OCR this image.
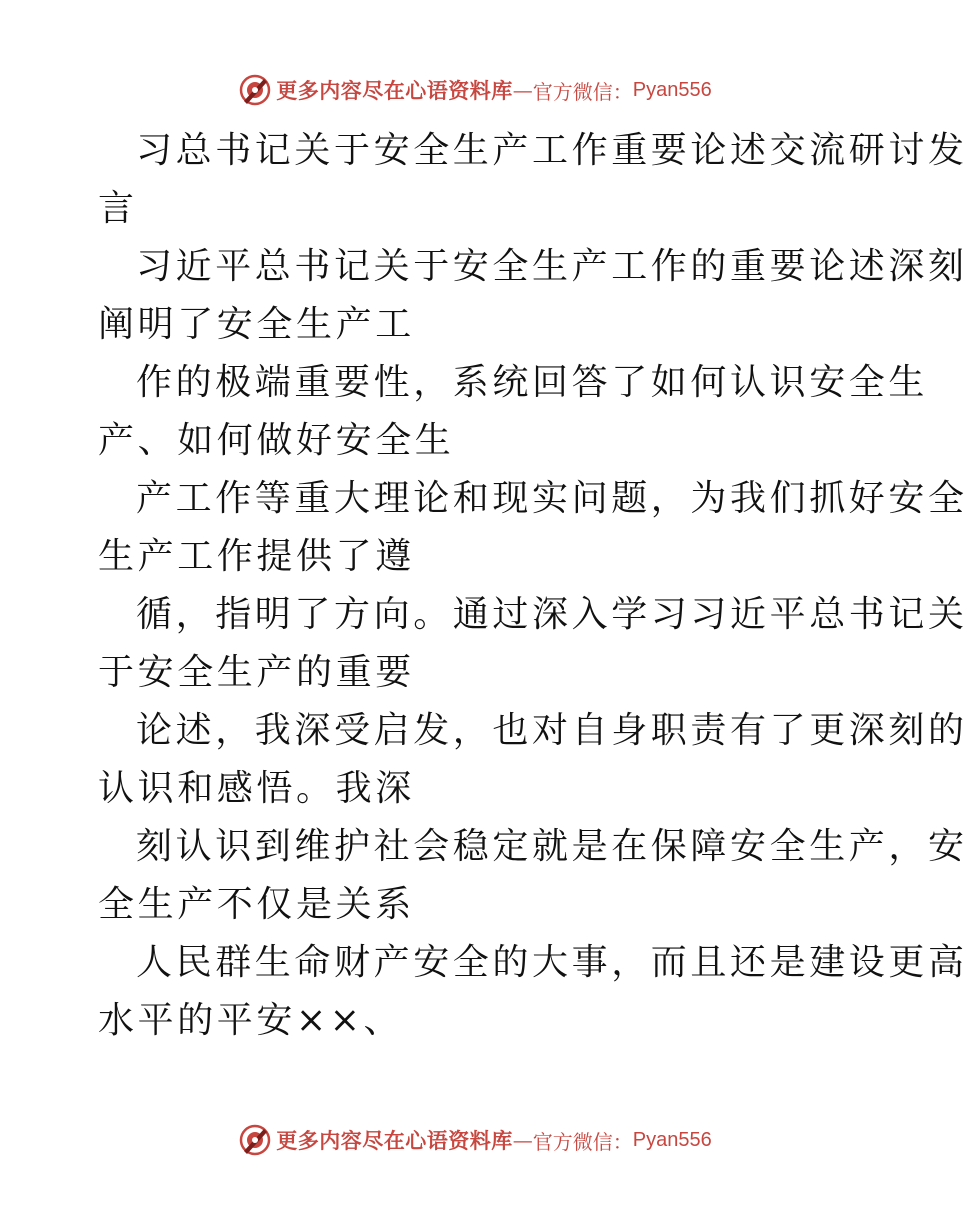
更多内容尽在心语资料库 — 官方微信： Pyan556
习总书记关于安全生产工作重要论述交流研讨发
言
习近平总书记关于安全生产工作的重要论述深刻
阐明了安全生产工
作的极端重要性，系统回答了如何认识安全生
产、如何做好安全生
产工作等重大理论和现实问题，为我们抓好安全
生产工作提供了遵
循，指明了方向。通过深入学习习近平总书记关
于安全生产的重要
论述，我深受启发，也对自身职责有了更深刻的
认识和感悟。我深
刻认识到维护社会稳定就是在保障安全生产，安
全生产不仅是关系
人民群生命财产安全的大事，而且还是建设更高
水平的平安××、
更多内容尽在心语资料库 — 官方微信： Pyan556
